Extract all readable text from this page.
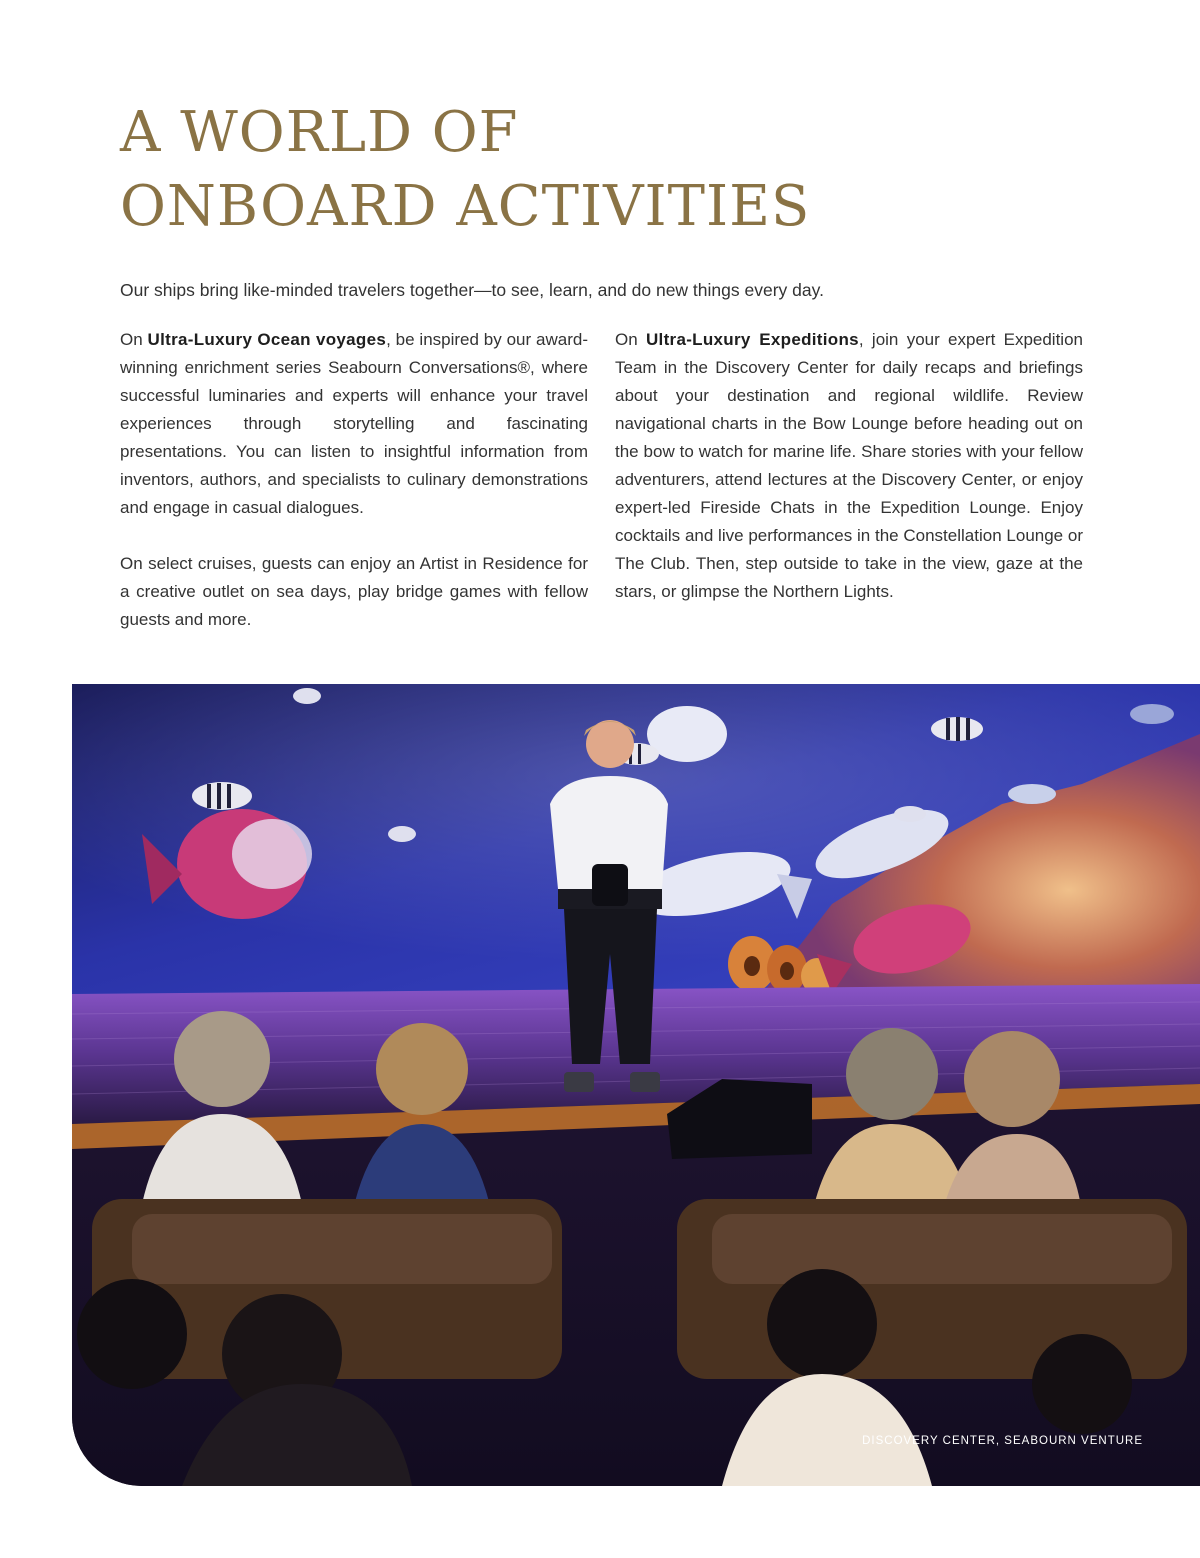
A WORLD OF
ONBOARD ACTIVITIES

Our ships bring like-minded travelers together—to see, learn, and do new things every day.

On Ultra-Luxury Ocean voyages, be inspired by our award-winning enrichment series Seabourn Conversations®, where successful luminaries and experts will enhance your travel experiences through storytelling and fascinating presentations. You can listen to insightful information from inventors, authors, and specialists to culinary demonstrations and engage in casual dialogues.

On select cruises, guests can enjoy an Artist in Residence for a creative outlet on sea days, play bridge games with fellow guests and more.

On Ultra-Luxury Expeditions, join your expert Expedition Team in the Discovery Center for daily recaps and briefings about your destination and regional wildlife. Review navigational charts in the Bow Lounge before heading out on the bow to watch for marine life. Share stories with your fellow adventurers, attend lectures at the Discovery Center, or enjoy expert-led Fireside Chats in the Expedition Lounge. Enjoy cocktails and live performances in the Constellation Lounge or The Club. Then, step outside to take in the view, gaze at the stars, or glimpse the Northern Lights.

DISCOVERY CENTER, SEABOURN VENTURE
